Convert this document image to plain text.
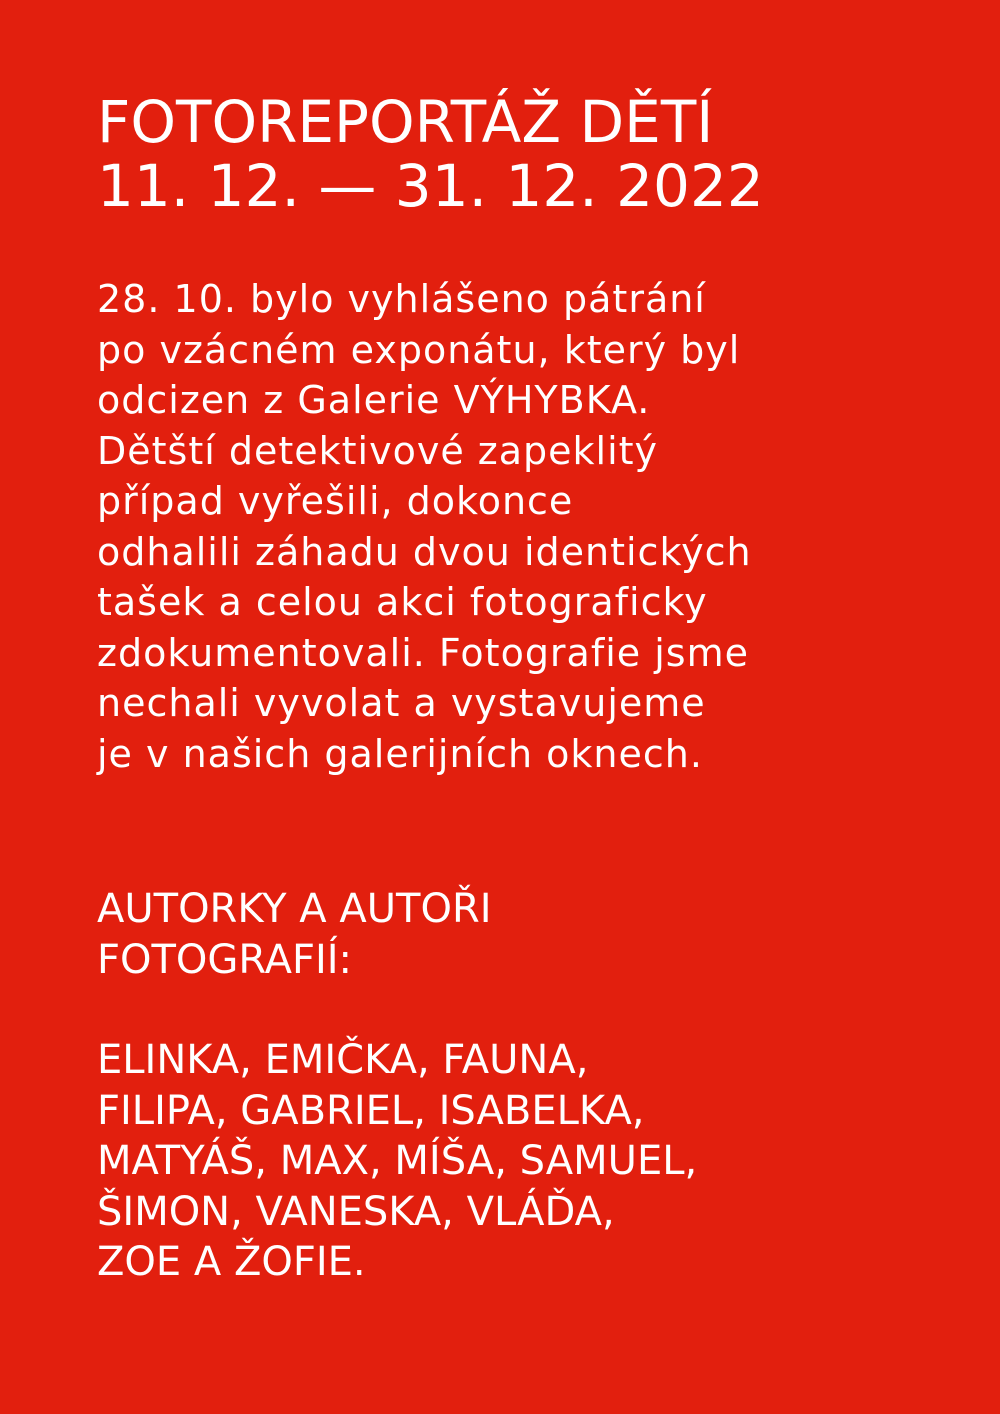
FOTOREPORTÁŽ DĚTÍ
11. 12. — 31. 12. 2022
28. 10. bylo vyhlášeno pátrání
po vzácném exponátu, který byl
odcizen z Galerie VÝHYBKA.
Dětští detektivové zapeklitý
případ vyřešili, dokonce
odhalili záhadu dvou identických
tašek a celou akci fotograficky
zdokumentovali. Fotografie jsme
nechali vyvolat a vystavujeme
je v našich galerijních oknech.
AUTORKY A AUTOŘI
FOTOGRAFIÍ:
ELINKA, EMIČKA, FAUNA,
FILIPA, GABRIEL, ISABELKA,
MATYÁŠ, MAX, MÍŠA, SAMUEL,
ŠIMON, VANESKA, VLÁĎA,
ZOE A ŽOFIE.
